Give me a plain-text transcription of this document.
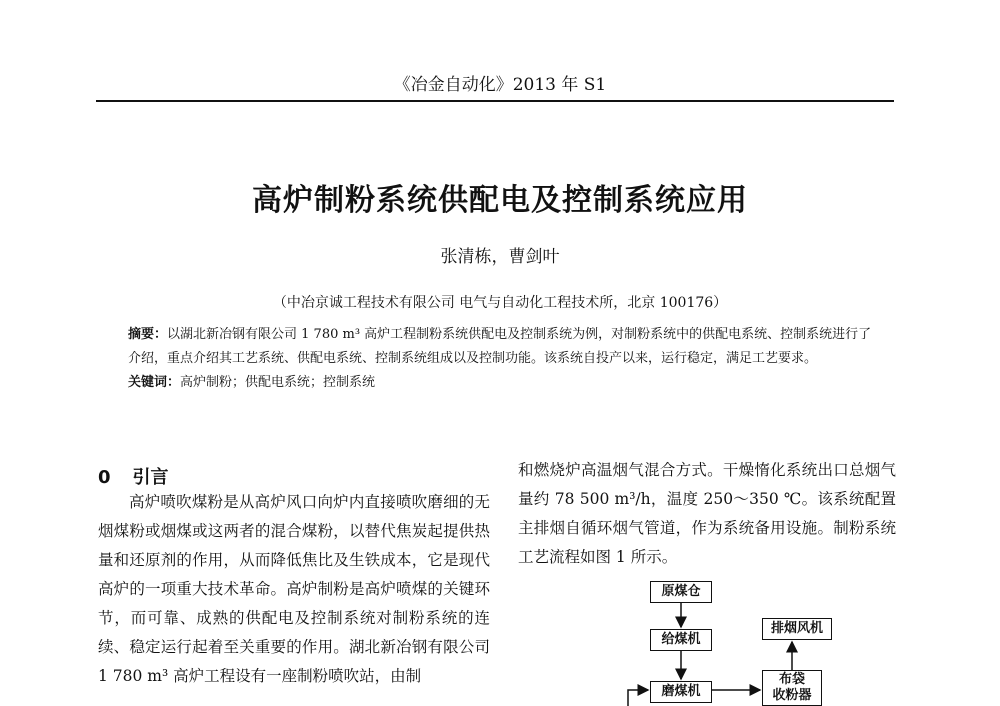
《冶金自动化》2013 年 S1
高炉制粉系统供配电及控制系统应用
张清栋，曹剑叶
（中冶京诚工程技术有限公司 电气与自动化工程技术所，北京 100176）
摘要：以湖北新冶钢有限公司 1 780 m³ 高炉工程制粉系统供配电及控制系统为例，对制粉系统中的供配电系统、控制系统进行了介绍，重点介绍其工艺系统、供配电系统、控制系统组成以及控制功能。该系统自投产以来，运行稳定，满足工艺要求。
关键词：高炉制粉；供配电系统；控制系统
0 引言
高炉喷吹煤粉是从高炉风口向炉内直接喷吹磨细的无烟煤粉或烟煤或这两者的混合煤粉，以替代焦炭起提供热量和还原剂的作用，从而降低焦比及生铁成本，它是现代高炉的一项重大技术革命。高炉制粉是高炉喷煤的关键环节，而可靠、成熟的供配电及控制系统对制粉系统的连续、稳定运行起着至关重要的作用。湖北新冶钢有限公司 1 780 m³ 高炉工程设有一座制粉喷吹站，由制
和燃烧炉高温烟气混合方式。干燥惰化系统出口总烟气量约 78 500 m³/h，温度 250～350 ℃。该系统配置主排烟自循环烟气管道，作为系统备用设施。制粉系统工艺流程如图 1 所示。
原煤仓
给煤机
磨煤机
排烟风机
布袋
收粉器
